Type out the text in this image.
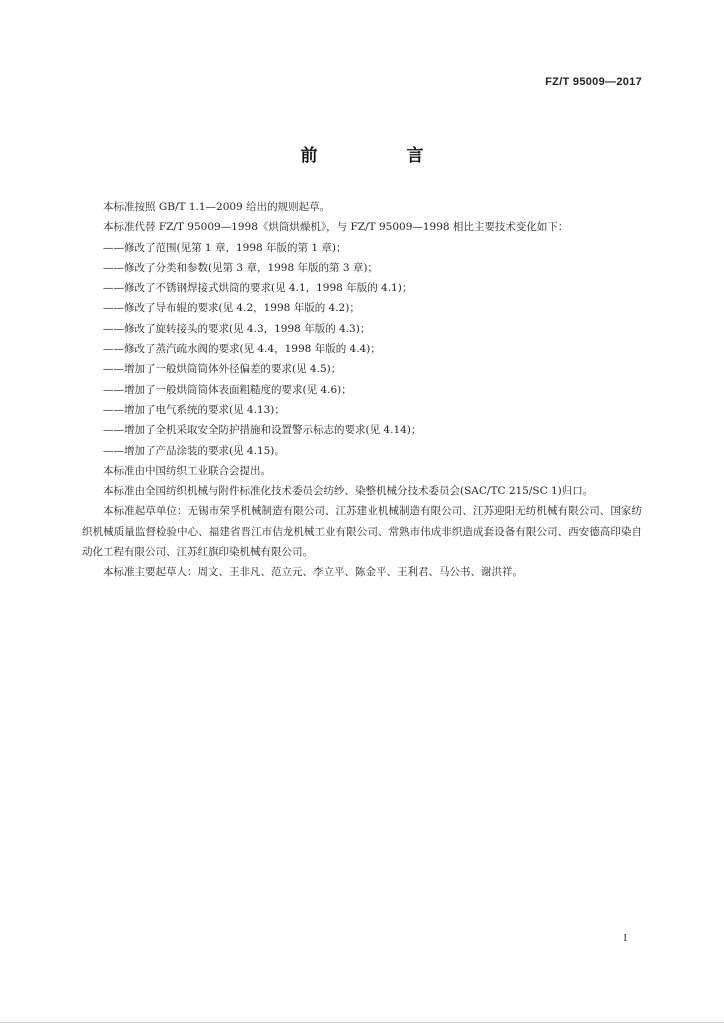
FZ/T 95009—2017
前　言

本标准按照 GB/T 1.1—2009 给出的规则起草。

本标准代替 FZ/T 95009—1998《烘筒烘燥机》，与 FZ/T 95009—1998 相比主要技术变化如下：

——修改了范围(见第 1 章，1998 年版的第 1 章)；

——修改了分类和参数(见第 3 章，1998 年版的第 3 章)；

——修改了不锈钢焊接式烘筒的要求(见 4.1，1998 年版的 4.1)；

——修改了导布辊的要求(见 4.2，1998 年版的 4.2)；

——修改了旋转接头的要求(见 4.3，1998 年版的 4.3)；

——修改了蒸汽疏水阀的要求(见 4.4，1998 年版的 4.4)；

——增加了一般烘筒筒体外径偏差的要求(见 4.5)；

——增加了一般烘筒筒体表面粗糙度的要求(见 4.6)；

——增加了电气系统的要求(见 4.13)；

——增加了全机采取安全防护措施和设置警示标志的要求(见 4.14)；

——增加了产品涂装的要求(见 4.15)。

本标准由中国纺织工业联合会提出。

本标准由全国纺织机械与附件标准化技术委员会纺纱、染整机械分技术委员会(SAC/TC 215/SC 1)归口。

本标准起草单位：无锡市荣孚机械制造有限公司、江苏建业机械制造有限公司、江苏迎阳无纺机械有限公司、国家纺织机械质量监督检验中心、福建省晋江市佶龙机械工业有限公司、常熟市伟成非织造成套设备有限公司、西安德高印染自动化工程有限公司、江苏红旗印染机械有限公司。

本标准主要起草人：周文、王非凡、范立元、李立平、陈金平、王利君、马公书、谢洪祥。

I
